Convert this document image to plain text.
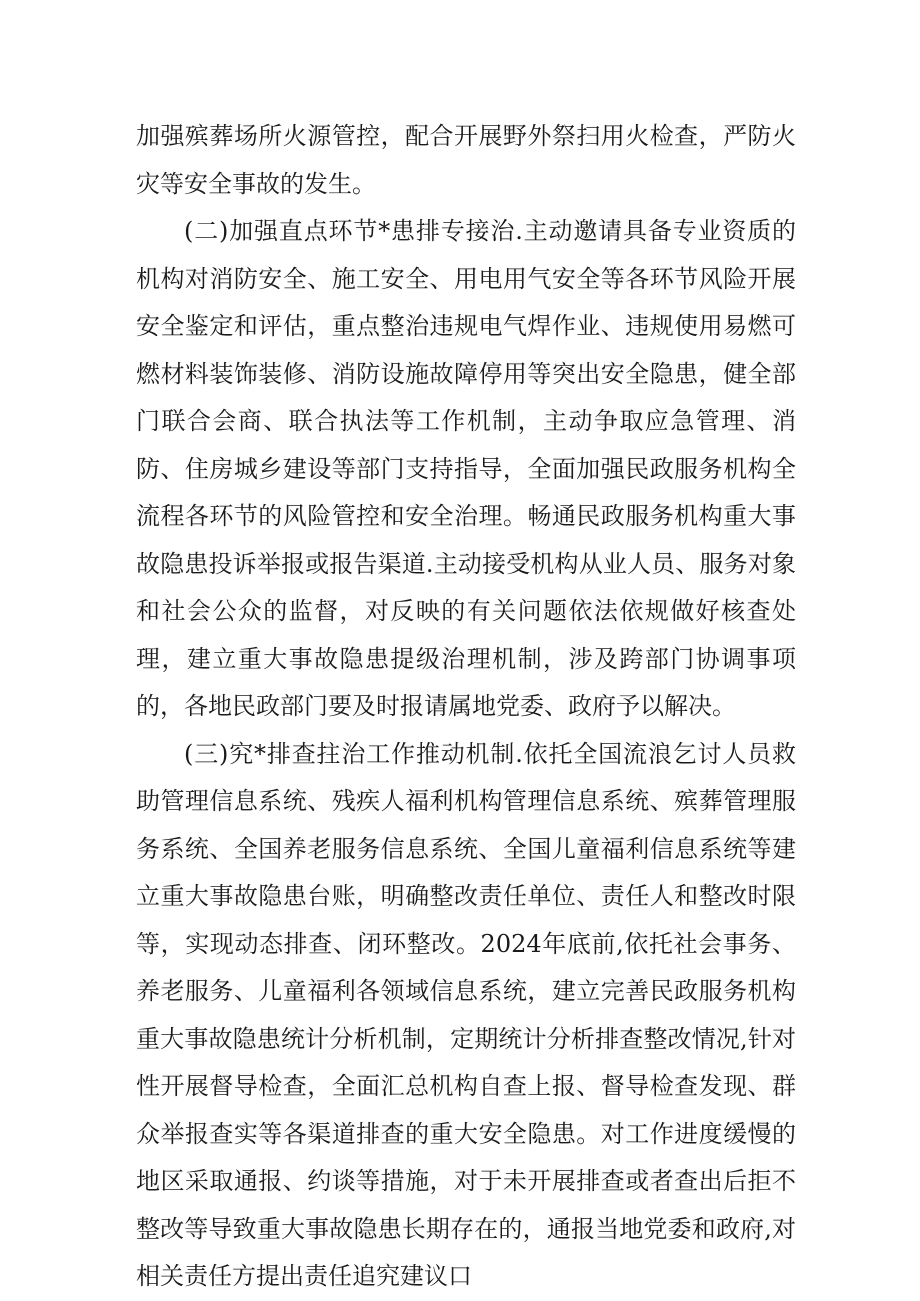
加强殡葬场所火源管控，配合开展野外祭扫用火检查，严防火灾等安全事故的发生。

(二)加强直点环节*患排专接治.主动邀请具备专业资质的机构对消防安全、施工安全、用电用气安全等各环节风险开展安全鉴定和评估，重点整治违规电气焊作业、违规使用易燃可燃材料装饰装修、消防设施故障停用等突出安全隐患，健全部门联合会商、联合执法等工作机制，主动争取应急管理、消防、住房城乡建设等部门支持指导，全面加强民政服务机构全流程各环节的风险管控和安全治理。畅通民政服务机构重大事故隐患投诉举报或报告渠道.主动接受机构从业人员、服务对象和社会公众的监督，对反映的有关问题依法依规做好核查处理，建立重大事故隐患提级治理机制，涉及跨部门协调事项的，各地民政部门要及时报请属地党委、政府予以解决。

(三)究*排查拄治工作推动机制.依托全国流浪乞讨人员救助管理信息系统、残疾人福利机构管理信息系统、殡葬管理服务系统、全国养老服务信息系统、全国儿童福利信息系统等建立重大事故隐患台账，明确整改责任单位、责任人和整改时限等，实现动态排查、闭环整改。2024年底前,依托社会事务、养老服务、儿童福利各领域信息系统，建立完善民政服务机构重大事故隐患统计分析机制，定期统计分析排查整改情况,针对性开展督导检查，全面汇总机构自查上报、督导检查发现、群众举报查实等各渠道排查的重大安全隐患。对工作进度缓慢的地区采取通报、约谈等措施，对于未开展排查或者查出后拒不整改等导致重大事故隐患长期存在的，通报当地党委和政府,对相关责任方提出责任追究建议口
